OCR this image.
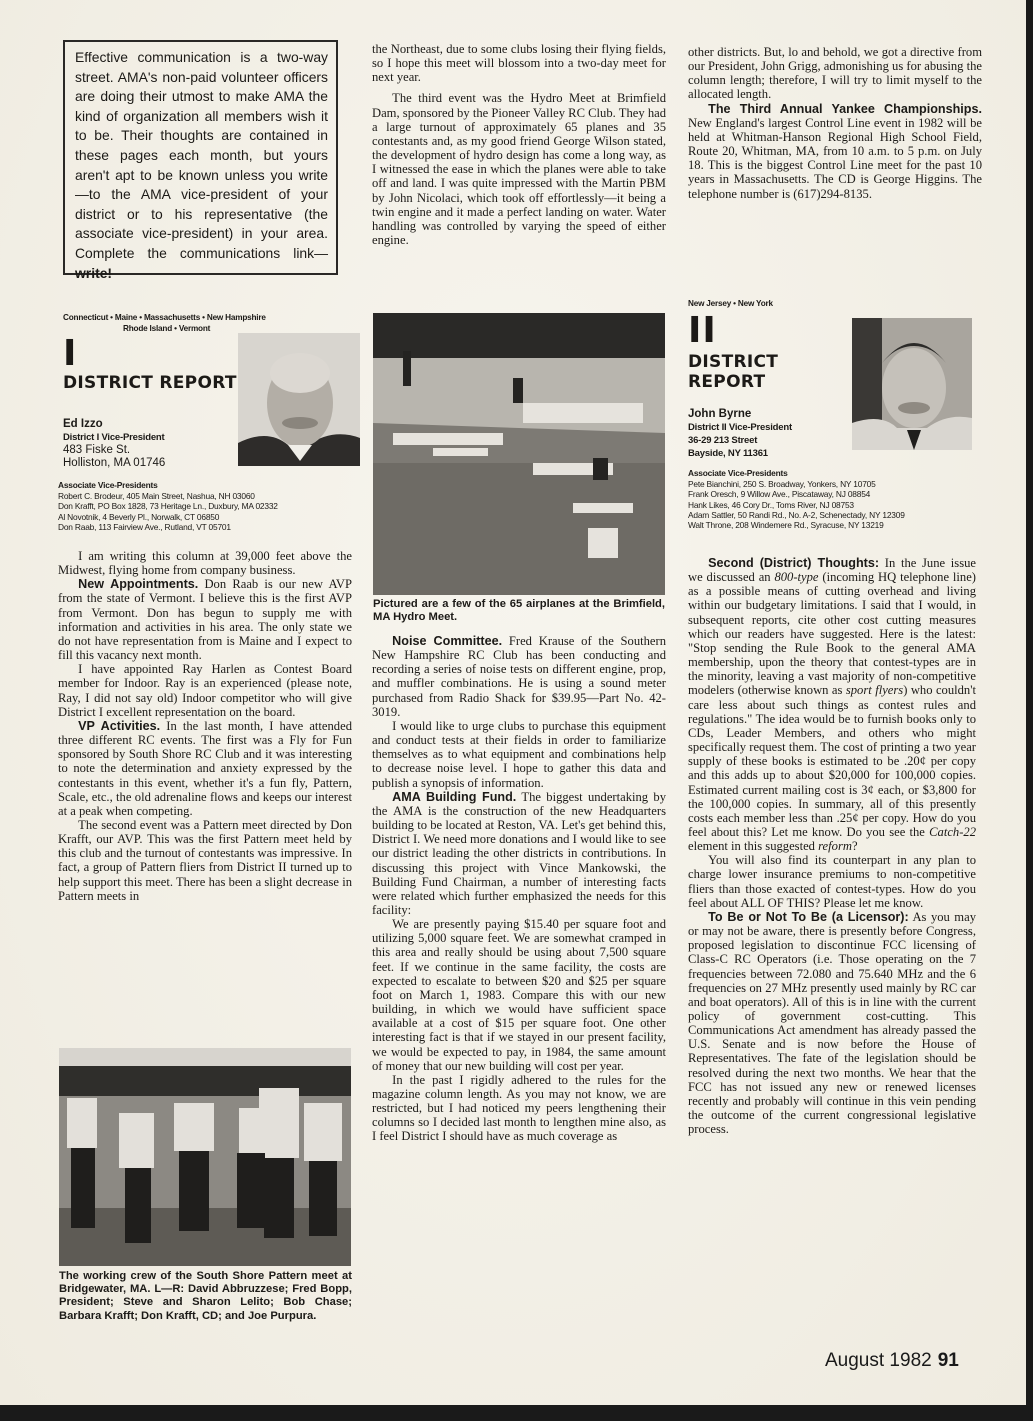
Effective communication is a two-way street. AMA's non-paid volunteer officers are doing their utmost to make AMA the kind of organization all members wish it to be. Their thoughts are contained in these pages each month, but yours aren't apt to be known unless you write—to the AMA vice-president of your district or to his representative (the associate vice-president) in your area. Complete the communications link—write!

Connecticut • Maine • Massachusetts • New Hampshire
Rhode Island • Vermont
I
DISTRICT REPORT
Ed Izzo
District I Vice-President
483 Fiske St.
Holliston, MA 01746
Associate Vice-Presidents
Robert C. Brodeur, 405 Main Street, Nashua, NH 03060
Don Krafft, PO Box 1828, 73 Heritage Ln., Duxbury, MA 02332
Al Novotnik, 4 Beverly Pl., Norwalk, CT 06850
Don Raab, 113 Fairview Ave., Rutland, VT 05701

I am writing this column at 39,000 feet above the Midwest, flying home from company business.

New Appointments. Don Raab is our new AVP from the state of Vermont. I believe this is the first AVP from Vermont. Don has begun to supply me with information and activities in his area. The only state we do not have representation from is Maine and I expect to fill this vacancy next month.

I have appointed Ray Harlen as Contest Board member for Indoor. Ray is an experienced (please note, Ray, I did not say old) Indoor competitor who will give District I excellent representation on the board.

VP Activities. In the last month, I have attended three different RC events. The first was a Fly for Fun sponsored by South Shore RC Club and it was interesting to note the determination and anxiety expressed by the contestants in this event, whether it's a fun fly, Pattern, Scale, etc., the old adrenaline flows and keeps our interest at a peak when competing.

The second event was a Pattern meet directed by Don Krafft, our AVP. This was the first Pattern meet held by this club and the turnout of contestants was impressive. In fact, a group of Pattern fliers from District II turned up to help support this meet. There has been a slight decrease in Pattern meets in

The working crew of the South Shore Pattern meet at Bridgewater, MA. L—R: David Abbruzzese; Fred Bopp, President; Steve and Sharon Lelito; Bob Chase; Barbara Krafft; Don Krafft, CD; and Joe Purpura.

the Northeast, due to some clubs losing their flying fields, so I hope this meet will blossom into a two-day meet for next year.

The third event was the Hydro Meet at Brimfield Dam, sponsored by the Pioneer Valley RC Club. They had a large turnout of approximately 65 planes and 35 contestants and, as my good friend George Wilson stated, the development of hydro design has come a long way, as I witnessed the ease in which the planes were able to take off and land. I was quite impressed with the Martin PBM by John Nicolaci, which took off effortlessly—it being a twin engine and it made a perfect landing on water. Water handling was controlled by varying the speed of either engine.

Pictured are a few of the 65 airplanes at the Brimfield, MA Hydro Meet.

Noise Committee. Fred Krause of the Southern New Hampshire RC Club has been conducting and recording a series of noise tests on different engine, prop, and muffler combinations. He is using a sound meter purchased from Radio Shack for $39.95—Part No. 42-3019.

I would like to urge clubs to purchase this equipment and conduct tests at their fields in order to familiarize themselves as to what equipment and combinations help to decrease noise level. I hope to gather this data and publish a synopsis of information.

AMA Building Fund. The biggest undertaking by the AMA is the construction of the new Headquarters building to be located at Reston, VA. Let's get behind this, District I. We need more donations and I would like to see our district leading the other districts in contributions. In discussing this project with Vince Mankowski, the Building Fund Chairman, a number of interesting facts were related which further emphasized the needs for this facility:

We are presently paying $15.40 per square foot and utilizing 5,000 square feet. We are somewhat cramped in this area and really should be using about 7,500 square feet. If we continue in the same facility, the costs are expected to escalate to between $20 and $25 per square foot on March 1, 1983. Compare this with our new building, in which we would have sufficient space available at a cost of $15 per square foot. One other interesting fact is that if we stayed in our present facility, we would be expected to pay, in 1984, the same amount of money that our new building will cost per year.

In the past I rigidly adhered to the rules for the magazine column length. As you may not know, we are restricted, but I had noticed my peers lengthening their columns so I decided last month to lengthen mine also, as I feel District I should have as much coverage as

other districts. But, lo and behold, we got a directive from our President, John Grigg, admonishing us for abusing the column length; therefore, I will try to limit myself to the allocated length.

The Third Annual Yankee Championships. New England's largest Control Line event in 1982 will be held at Whitman-Hanson Regional High School Field, Route 20, Whitman, MA, from 10 a.m. to 5 p.m. on July 18. This is the biggest Control Line meet for the past 10 years in Massachusetts. The CD is George Higgins. The telephone number is (617)294-8135.

New Jersey • New York
II
DISTRICT REPORT
John Byrne
District II Vice-President
36-29 213 Street
Bayside, NY 11361
Associate Vice-Presidents
Pete Bianchini, 250 S. Broadway, Yonkers, NY 10705
Frank Oresch, 9 Willow Ave., Piscataway, NJ 08854
Hank Likes, 46 Cory Dr., Toms River, NJ 08753
Adam Sattler, 50 Randi Rd., No. A-2, Schenectady, NY 12309
Walt Throne, 208 Windemere Rd., Syracuse, NY 13219

Second (District) Thoughts: In the June issue we discussed an 800-type (incoming HQ telephone line) as a possible means of cutting overhead and living within our budgetary limitations. I said that I would, in subsequent reports, cite other cost cutting measures which our readers have suggested. Here is the latest: "Stop sending the Rule Book to the general AMA membership, upon the theory that contest-types are in the minority, leaving a vast majority of non-competitive modelers (otherwise known as sport flyers) who couldn't care less about such things as contest rules and regulations." The idea would be to furnish books only to CDs, Leader Members, and others who might specifically request them. The cost of printing a two year supply of these books is estimated to be .20¢ per copy and this adds up to about $20,000 for 100,000 copies. Estimated current mailing cost is 3¢ each, or $3,800 for the 100,000 copies. In summary, all of this presently costs each member less than .25¢ per copy. How do you feel about this? Let me know. Do you see the Catch-22 element in this suggested reform?

You will also find its counterpart in any plan to charge lower insurance premiums to non-competitive fliers than those exacted of contest-types. How do you feel about ALL OF THIS? Please let me know.

To Be or Not To Be (a Licensor): As you may or may not be aware, there is presently before Congress, proposed legislation to discontinue FCC licensing of Class-C RC Operators (i.e. Those operating on the 7 frequencies between 72.080 and 75.640 MHz and the 6 frequencies on 27 MHz presently used mainly by RC car and boat operators). All of this is in line with the current policy of government cost-cutting. This Communications Act amendment has already passed the U.S. Senate and is now before the House of Representatives. The fate of the legislation should be resolved during the next two months. We hear that the FCC has not issued any new or renewed licenses recently and probably will continue in this vein pending the outcome of the current congressional legislative process.

August 1982 91
